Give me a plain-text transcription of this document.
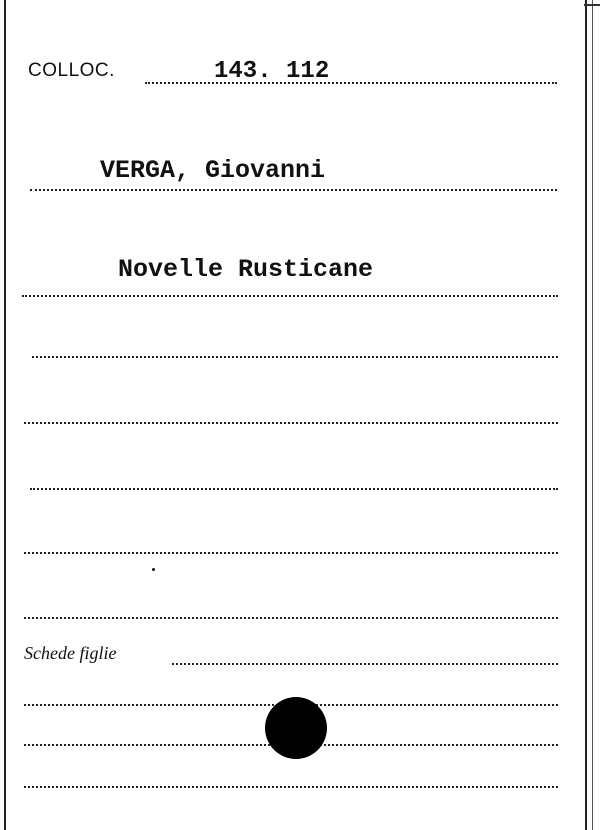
COLLOC.	143. 112
VERGA, Giovanni
Novelle Rusticane
Schede figlie
